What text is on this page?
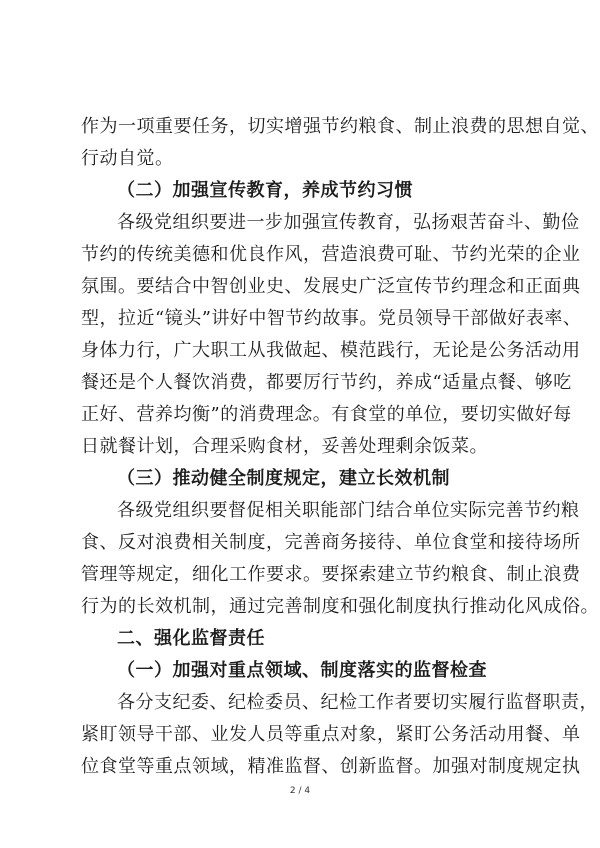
作为一项重要任务，切实增强节约粮食、制止浪费的思想自觉、
行动自觉。
（二）加强宣传教育，养成节约习惯
各级党组织要进一步加强宣传教育，弘扬艰苦奋斗、勤俭
节约的传统美德和优良作风，营造浪费可耻、节约光荣的企业
氛围。要结合中智创业史、发展史广泛宣传节约理念和正面典
型，拉近“镜头”讲好中智节约故事。党员领导干部做好表率、
身体力行，广大职工从我做起、模范践行，无论是公务活动用
餐还是个人餐饮消费，都要厉行节约，养成“适量点餐、够吃
正好、营养均衡”的消费理念。有食堂的单位，要切实做好每
日就餐计划，合理采购食材，妥善处理剩余饭菜。
（三）推动健全制度规定，建立长效机制
各级党组织要督促相关职能部门结合单位实际完善节约粮
食、反对浪费相关制度，完善商务接待、单位食堂和接待场所
管理等规定，细化工作要求。要探索建立节约粮食、制止浪费
行为的长效机制，通过完善制度和强化制度执行推动化风成俗。
二、强化监督责任
（一）加强对重点领域、制度落实的监督检查
各分支纪委、纪检委员、纪检工作者要切实履行监督职责，
紧盯领导干部、业发人员等重点对象，紧盯公务活动用餐、单
位食堂等重点领域，精准监督、创新监督。加强对制度规定执
2 / 4
